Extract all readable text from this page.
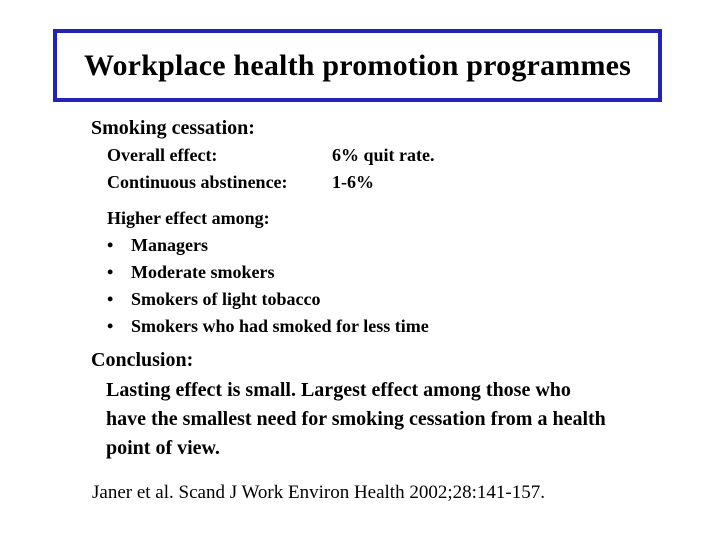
Workplace health promotion programmes
Smoking cessation:
Overall effect:	6% quit rate.
Continuous abstinence: 1-6%
Higher effect among:
• Managers
• Moderate smokers
• Smokers of light tobacco
• Smokers who had smoked for less time
Conclusion:
Lasting effect is small. Largest effect among those who
have the smallest need for smoking cessation from a health
point of view.
Janer et al. Scand J Work Environ Health 2002;28:141-157.
